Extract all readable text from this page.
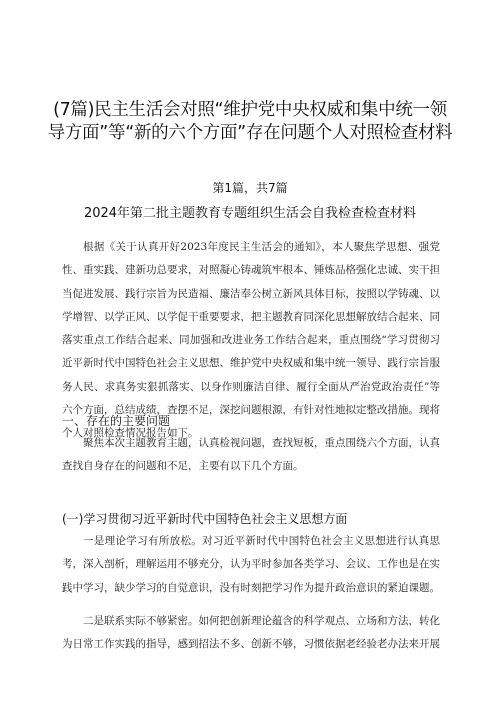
(7篇)民主生活会对照“维护党中央权威和集中统一领
导方面”等“新的六个方面”存在问题个人对照检查材料
第1篇，共7篇
2024年第二批主题教育专题组织生活会自我检查检查材料

根据《关于认真开好2023年度民主生活会的通知》，本人聚焦学思想、强党性、重实践、建新功总要求，对照凝心铸魂筑牢根本、锤炼品格强化忠诚、实干担当促进发展、践行宗旨为民造福、廉洁奉公树立新风具体目标，按照以学铸魂、以学增智、以学正风、以学促干重要要求，把主题教育同深化思想解放结合起来、同落实重点工作结合起来、同加强和改进业务工作结合起来，重点围绕“学习贯彻习近平新时代中国特色社会主义思想、维护党中央权威和集中统一领导、践行宗旨服务人民、求真务实狠抓落实、以身作则廉洁自律、履行全面从严治党政治责任”等六个方面，总结成绩，查摆不足，深挖问题根源，有针对性地拟定整改措施。现将个人对照检查情况报告如下。

一、存在的主要问题

聚焦本次主题教育主题，认真检视问题，查找短板，重点围绕六个方面，认真查找自身存在的问题和不足，主要有以下几个方面。

(一)学习贯彻习近平新时代中国特色社会主义思想方面

一是理论学习有所放松。对习近平新时代中国特色社会主义思想进行认真思考，深入剖析，理解运用不够充分，认为平时参加各类学习、会议、工作也是在实践中学习，缺少学习的自觉意识，没有时刻把学习作为提升政治意识的紧迫课题。

二是联系实际不够紧密。如何把创新理论蕴含的科学观点、立场和方法，转化为日常工作实践的指导，感到招法不多、创新不够，习惯依据老经验老办法来开展
